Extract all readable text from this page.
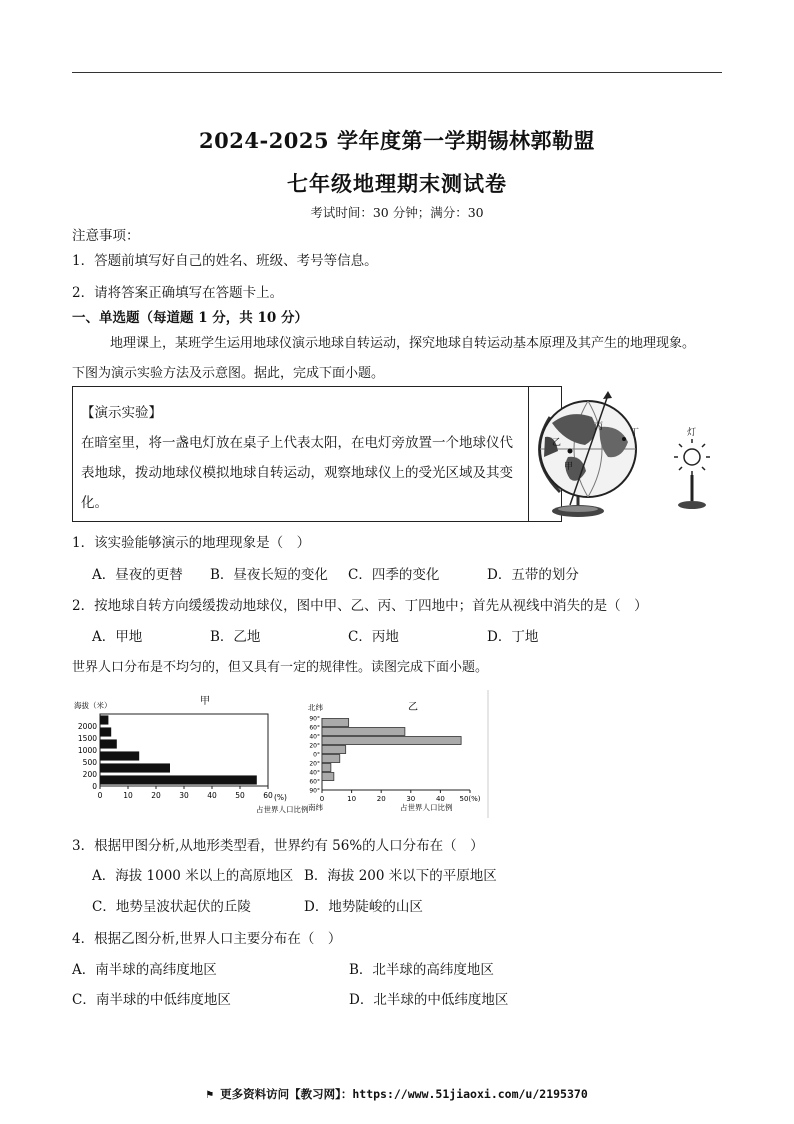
2024-2025 学年度第一学期锡林郭勒盟
七年级地理期末测试卷
考试时间：30 分钟；满分：30
注意事项：
1．答题前填写好自己的姓名、班级、考号等信息。
2．请将答案正确填写在答题卡上。
一、单选题（每道题 1 分，共 10 分）
地理课上，某班学生运用地球仪演示地球自转运动，探究地球自转运动基本原理及其产生的地理现象。
下图为演示实验方法及示意图。据此，完成下面小题。
【演示实验】
在暗室里，将一盏电灯放在桌子上代表太阳，在电灯旁放置一个地球仪代
表地球，拨动地球仪模拟地球自转运动，观察地球仪上的受光区域及其变
化。
甲
乙
丙
丁	灯
1．该实验能够演示的地理现象是（　）
A．昼夜的更替 B．昼夜长短的变化 C．四季的变化	D．五带的划分
2．按地球自转方向缓缓拨动地球仪，图中甲、乙、丙、丁四地中；首先从视线中消失的是（　）
A．甲地	B．乙地	C．丙地	D．丁地
世界人口分布是不均匀的，但又具有一定的规律性。读图完成下面小题。
甲
海拔（米）
占世界人口比例
(%)
0
200
500
1000
1500
2000
0	10 20 30 40 50 60
乙
北纬
南纬	占世界人口比例
90°
60°
40°
20°
0°
20°
40°
60°
90°
0	10	20	30	40 50(%)
3．根据甲图分析,从地形类型看，世界约有 56%的人口分布在（　）
A．海拔 1000 米以上的高原地区 B．海拔 200 米以下的平原地区
C．地势呈波状起伏的丘陵	D．地势陡峻的山区
4．根据乙图分析,世界人口主要分布在（　）
A．南半球的高纬度地区	B．北半球的高纬度地区
C．南半球的中低纬度地区	D．北半球的中低纬度地区
⚑ 更多资料访问【教习网】：https://www.51jiaoxi.com/u/2195370
